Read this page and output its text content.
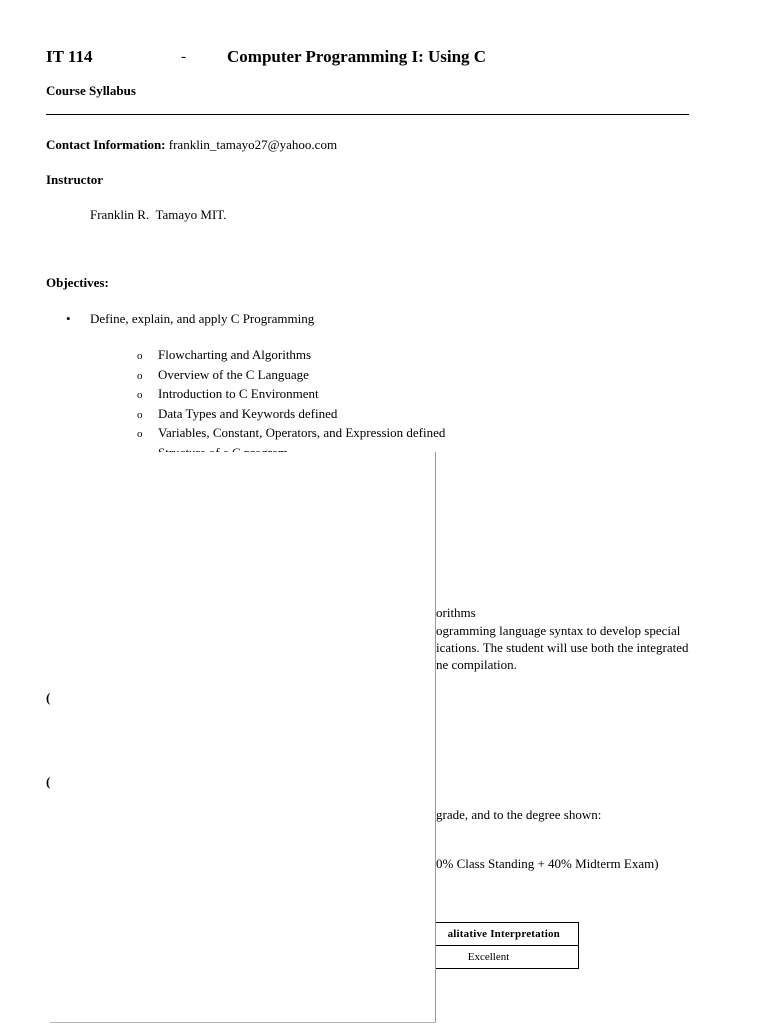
IT 114	- Computer Programming I: Using C
Course Syllabus
Contact Information: franklin_tamayo27@yahoo.com
Instructor
Franklin R.  Tamayo MIT.
Objectives:
• Define, explain, and apply C Programming
o Flowcharting and Algorithms
o Overview of the C Language
o Introduction to C Environment
o Data Types and Keywords defined
o Variables, Constant, Operators, and Expression defined
orithms
ogramming language syntax to develop special
ications. The student will use both the integrated
ne compilation.
(
(
grade, and to the degree shown:
0% Class Standing + 40% Midterm Exam)
alitative Interpretation
Excellent
